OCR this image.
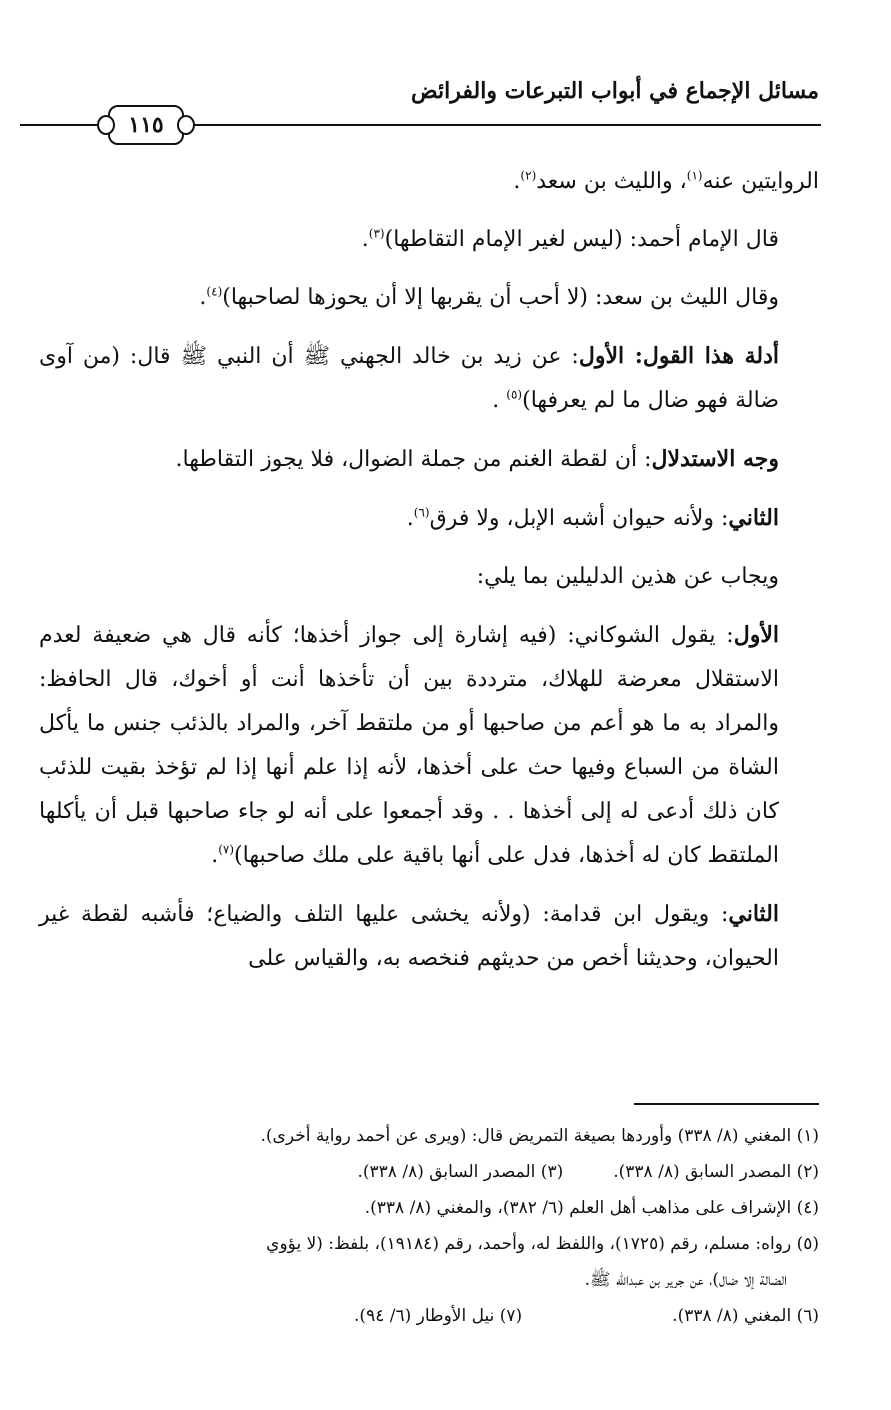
مسائل الإجماع في أبواب التبرعات والفرائض
١١٥

الروايتين عنه$^{(١)}$، والليث بن سعد$^{(٢)}$.

قال الإمام أحمد: (ليس لغير الإمام التقاطها)$^{(٣)}$.

وقال الليث بن سعد: (لا أحب أن يقربها إلا أن يحوزها لصاحبها)$^{(٤)}$.

أدلة هذا القول: الأول: عن زيد بن خالد الجهني ﷺ أن النبي ﷺ قال: (من آوى ضالة فهو ضال ما لم يعرفها)$^{(٥)}$ .

وجه الاستدلال: أن لقطة الغنم من جملة الضوال، فلا يجوز التقاطها.

الثاني: ولأنه حيوان أشبه الإبل، ولا فرق$^{(٦)}$.

ويجاب عن هذين الدليلين بما يلي:

الأول: يقول الشوكاني: (فيه إشارة إلى جواز أخذها؛ كأنه قال هي ضعيفة لعدم الاستقلال معرضة للهلاك، مترددة بين أن تأخذها أنت أو أخوك، قال الحافظ: والمراد به ما هو أعم من صاحبها أو من ملتقط آخر، والمراد بالذئب جنس ما يأكل الشاة من السباع وفيها حث على أخذها، لأنه إذا علم أنها إذا لم تؤخذ بقيت للذئب كان ذلك أدعى له إلى أخذها . . وقد أجمعوا على أنه لو جاء صاحبها قبل أن يأكلها الملتقط كان له أخذها، فدل على أنها باقية على ملك صاحبها)$^{(٧)}$.

الثاني: ويقول ابن قدامة: (ولأنه يخشى عليها التلف والضياع؛ فأشبه لقطة غير الحيوان، وحديثنا أخص من حديثهم فنخصه به، والقياس على

(١) المغني (٨/ ٣٣٨) وأوردها بصيغة التمريض قال: (ويرى عن أحمد رواية أخرى).
(٢) المصدر السابق (٨/ ٣٣٨).
(٣) المصدر السابق (٨/ ٣٣٨).
(٤) الإشراف على مذاهب أهل العلم (٦/ ٣٨٢)، والمغني (٨/ ٣٣٨).
(٥) رواه: مسلم، رقم (١٧٢٥)، واللفظ له، وأحمد، رقم (١٩١٨٤)، بلفظ: (لا يؤوي
الضالة إلا ضال)، عن جرير بن عبدالله ﷺ.
(٦) المغني (٨/ ٣٣٨).
(٧) نيل الأوطار (٦/ ٩٤).
